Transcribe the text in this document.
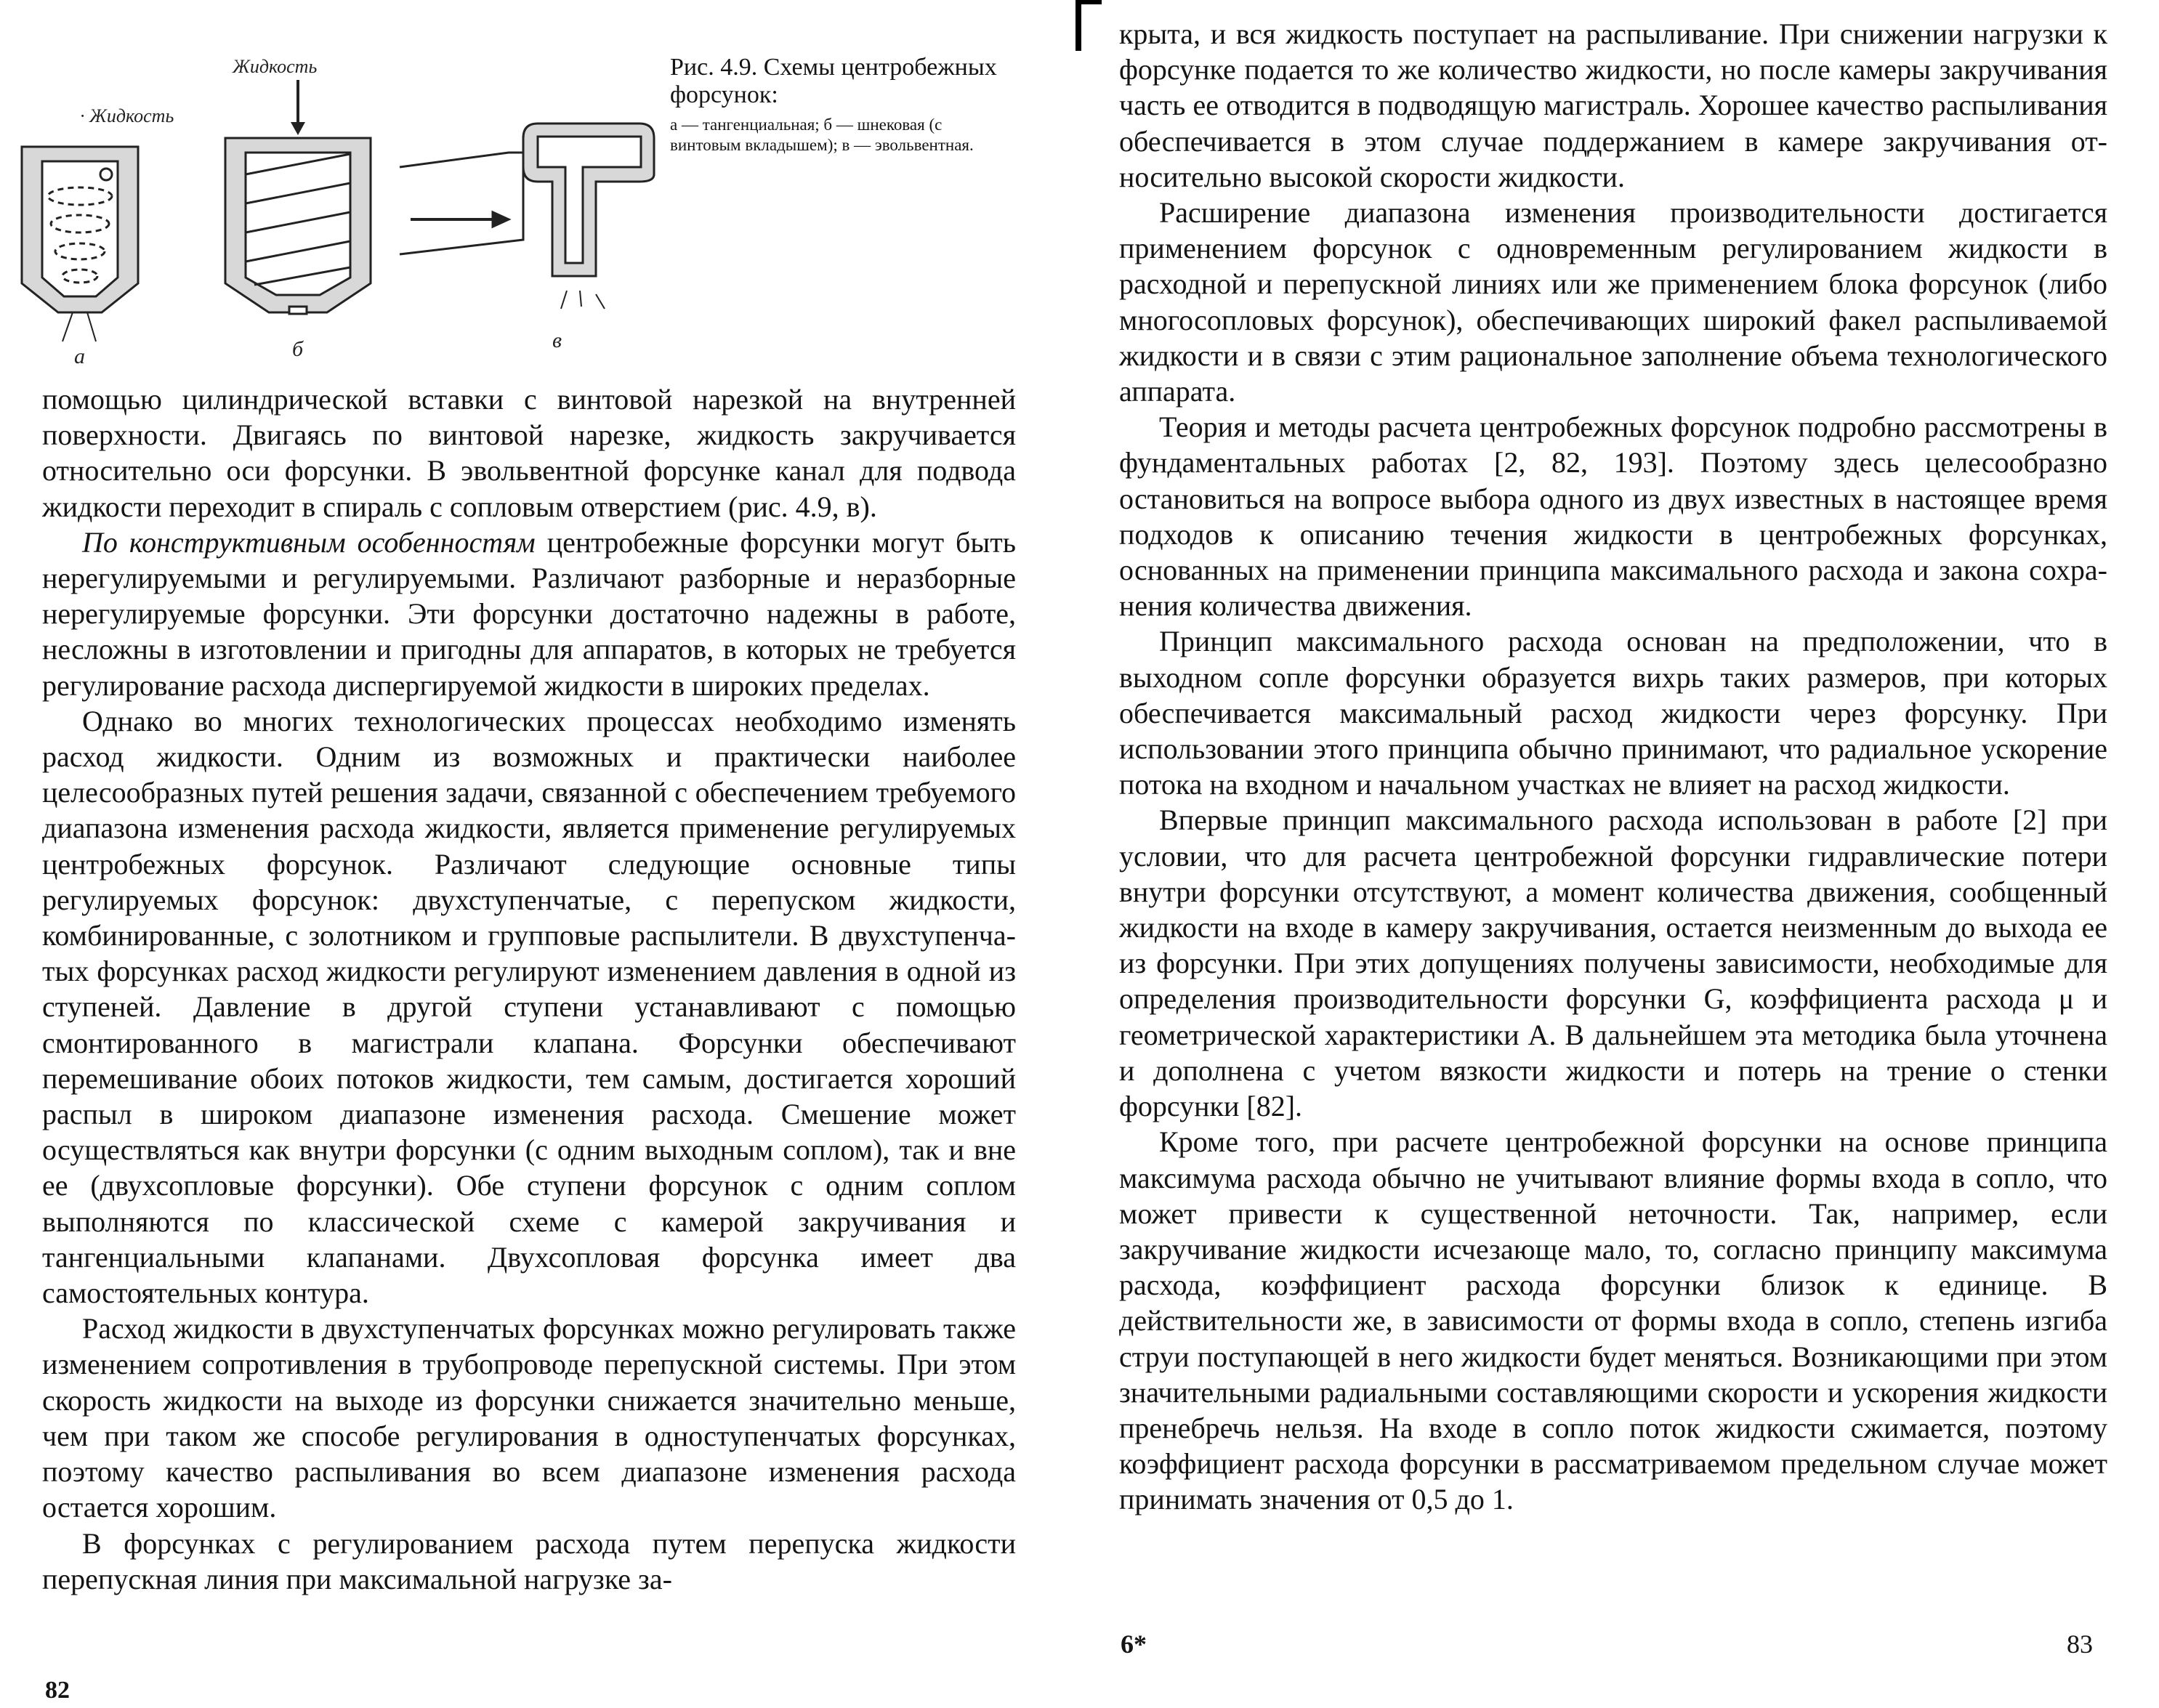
· Жидкость
Жидкость
а	б	в
Рис. 4.9. Схемы центробежных форсунок:
а — тангенциальная; б — шнековая (с винтовым вкладышем); в — эвольвентная.

помощью цилиндрической вставки с винтовой нарезкой на внутренней поверхности. Двигаясь по винтовой нарезке, жидкость закручивается относительно оси форсунки. В эвольвентной форсунке канал для подвода жидкости переходит в спираль с сопловым отверстием (рис. 4.9, в).

По конструктивным особенностям центробежные форсунки могут быть нерегулируемыми и регулируемыми. Различают разборные и неразборные нерегулируемые форсунки. Эти форсунки достаточно надежны в работе, несложны в изготовлении и пригодны для аппаратов, в которых не требуется регулирование расхода диспергируемой жидкости в широких пределах.

Однако во многих технологических процессах необходимо изменять расход жидкости. Одним из возможных и практически наиболее целесообразных путей решения задачи, связанной с обеспечением требуемого диапазона изменения расхода жидкости, является применение регулируемых центробежных форсунок. Различают следующие основные типы регулируемых форсунок: двухступенчатые, с перепуском жидкости, комбинированные, с золотником и групповые распылители. В двухступенчатых форсунках расход жидкости регулируют изменением давления в одной из ступеней. Давление в другой ступени устанавливают с помощью смонтированного в магистрали клапана. Форсунки обеспечивают перемешивание обоих потоков жидкости, тем самым, достигается хороший распыл в широком диапазоне изменения расхода. Смешение может осуществляться как внутри форсунки (с одним выходным соплом), так и вне ее (двухсопловые форсунки). Обе ступени форсунок с одним соплом выполняются по классической схеме с камерой закручивания и тангенциальными клапанами. Двухсопловая форсунка имеет два самостоятельных контура.

Расход жидкости в двухступенчатых форсунках можно регулировать также изменением сопротивления в трубопроводе перепускной системы. При этом скорость жидкости на выходе из форсунки снижается значительно меньше, чем при таком же способе регулирования в одноступенчатых форсунках, поэтому качество распыливания во всем диапазоне изменения расхода остается хорошим.

В форсунках с регулированием расхода путем перепуска жидкости перепускная линия при максимальной нагрузке за-

82

крыта, и вся жидкость поступает на распыливание. При снижении нагрузки к форсунке подается то же количество жидкости, но после камеры закручивания часть ее отводится в подводящую магистраль. Хорошее качество распыливания обеспечивается в этом случае поддержанием в камере закручивания относительно высокой скорости жидкости.

Расширение диапазона изменения производительности достигается применением форсунок с одновременным регулированием жидкости в расходной и перепускной линиях или же применением блока форсунок (либо многосопловых форсунок), обеспечивающих широкий факел распыливаемой жидкости и в связи с этим рациональное заполнение объема технологического аппарата.

Теория и методы расчета центробежных форсунок подробно рассмотрены в фундаментальных работах [2, 82, 193]. Поэтому здесь целесообразно остановиться на вопросе выбора одного из двух известных в настоящее время подходов к описанию течения жидкости в центробежных форсунках, основанных на применении принципа максимального расхода и закона сохранения количества движения.

Принцип максимального расхода основан на предположении, что в выходном сопле форсунки образуется вихрь таких размеров, при которых обеспечивается максимальный расход жидкости через форсунку. При использовании этого принципа обычно принимают, что радиальное ускорение потока на входном и начальном участках не влияет на расход жидкости.

Впервые принцип максимального расхода использован в работе [2] при условии, что для расчета центробежной форсунки гидравлические потери внутри форсунки отсутствуют, а момент количества движения, сообщенный жидкости на входе в камеру закручивания, остается неизменным до выхода ее из форсунки. При этих допущениях получены зависимости, необходимые для определения производительности форсунки G, коэффициента расхода μ и геометрической характеристики A. В дальнейшем эта методика была уточнена и дополнена с учетом вязкости жидкости и потерь на трение о стенки форсунки [82].

Кроме того, при расчете центробежной форсунки на основе принципа максимума расхода обычно не учитывают влияние формы входа в сопло, что может привести к существенной неточности. Так, например, если закручивание жидкости исчезающе мало, то, согласно принципу максимума расхода, коэффициент расхода форсунки близок к единице. В действительности же, в зависимости от формы входа в сопло, степень изгиба струи поступающей в него жидкости будет меняться. Возникающими при этом значительными радиальными составляющими скорости и ускорения жидкости пренебречь нельзя. На входе в сопло поток жидкости сжимается, поэтому коэффициент расхода форсунки в рассматриваемом предельном случае может принимать значения от 0,5 до 1.

6*	83
